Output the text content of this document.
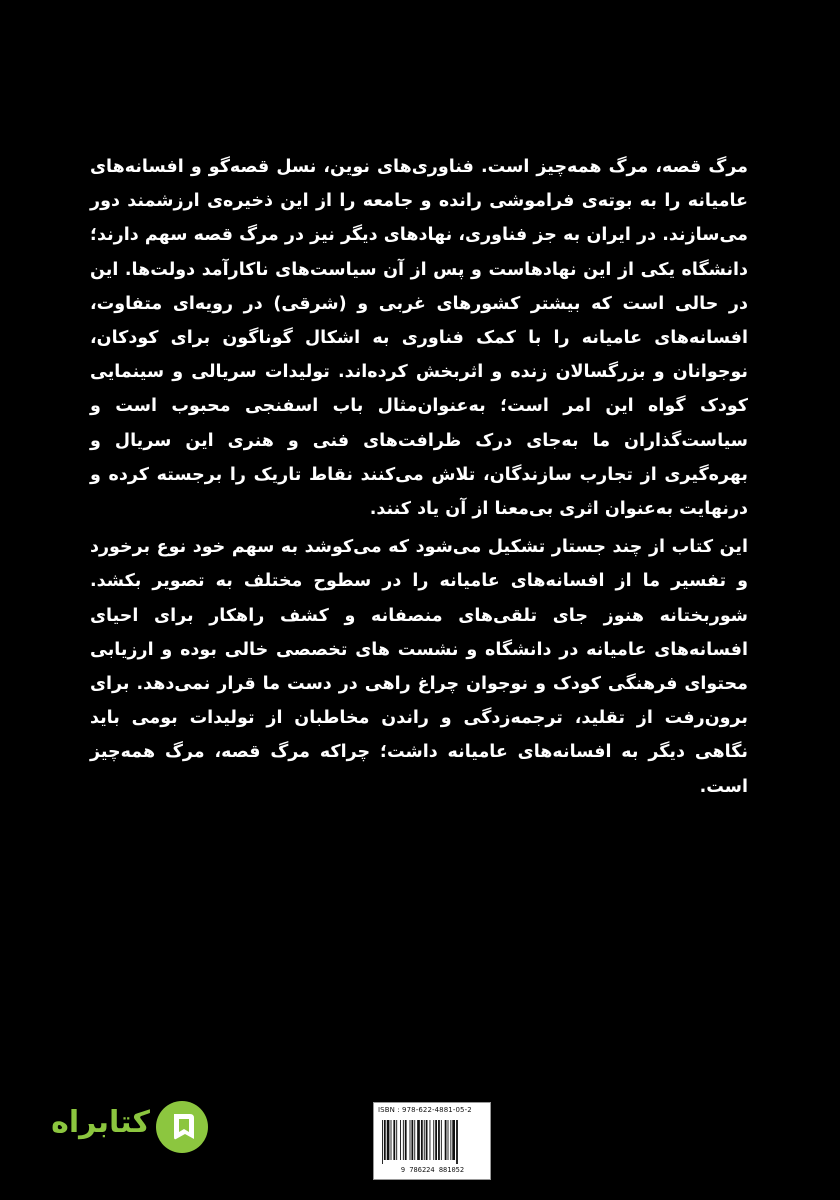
مرگ قصه، مرگ همه‌چیز است. فناوری‌های نوین، نسل قصه‌گو و افسانه‌های عامیانه را به بوته‌ی فراموشی رانده و جامعه را از این ذخیره‌ی ارزشمند دور می‌سازند. در ایران به جز فناوری، نهادهای دیگر نیز در مرگ قصه سهم دارند؛ دانشگاه یکی از این نهادهاست و پس از آن سیاست‌های ناکارآمد دولت‌ها. این در حالی است که بیشتر کشورهای غربی و (شرقی) در رویه‌ای متفاوت، افسانه‌های عامیانه را با کمک فناوری به اشکال گوناگون برای کودکان، نوجوانان و بزرگسالان زنده و اثربخش کرده‌اند. تولیدات سریالی و سینمایی کودک گواه این امر است؛ به‌عنوان‌مثال باب اسفنجی محبوب است و سیاست‌گذاران ما به‌جای درک ظرافت‌های فنی و هنری این سریال و بهره‌گیری از تجارب سازندگان، تلاش می‌کنند نقاط تاریک را برجسته کرده و درنهایت به‌عنوان اثری بی‌معنا از آن یاد کنند.

این کتاب از چند جستار تشکیل می‌شود که می‌کوشد به سهم خود نوع برخورد و تفسیر ما از افسانه‌های عامیانه را در سطوح مختلف به تصویر بکشد. شوربختانه هنوز جای تلقی‌های منصفانه و کشف راهکار برای احیای افسانه‌های عامیانه در دانشگاه و نشست های تخصصی خالی بوده و ارزیابی محتوای فرهنگی کودک و نوجوان چراغ راهی در دست ما قرار نمی‌دهد. برای برون‌رفت از تقلید، ترجمه‌زدگی و راندن مخاطبان از تولیدات بومی باید نگاهی دیگر به افسانه‌های عامیانه داشت؛ چراکه مرگ قصه، مرگ همه‌چیز است.

کتابراه	ISBN : 978-622-4881-05-2
9 786224 881052
